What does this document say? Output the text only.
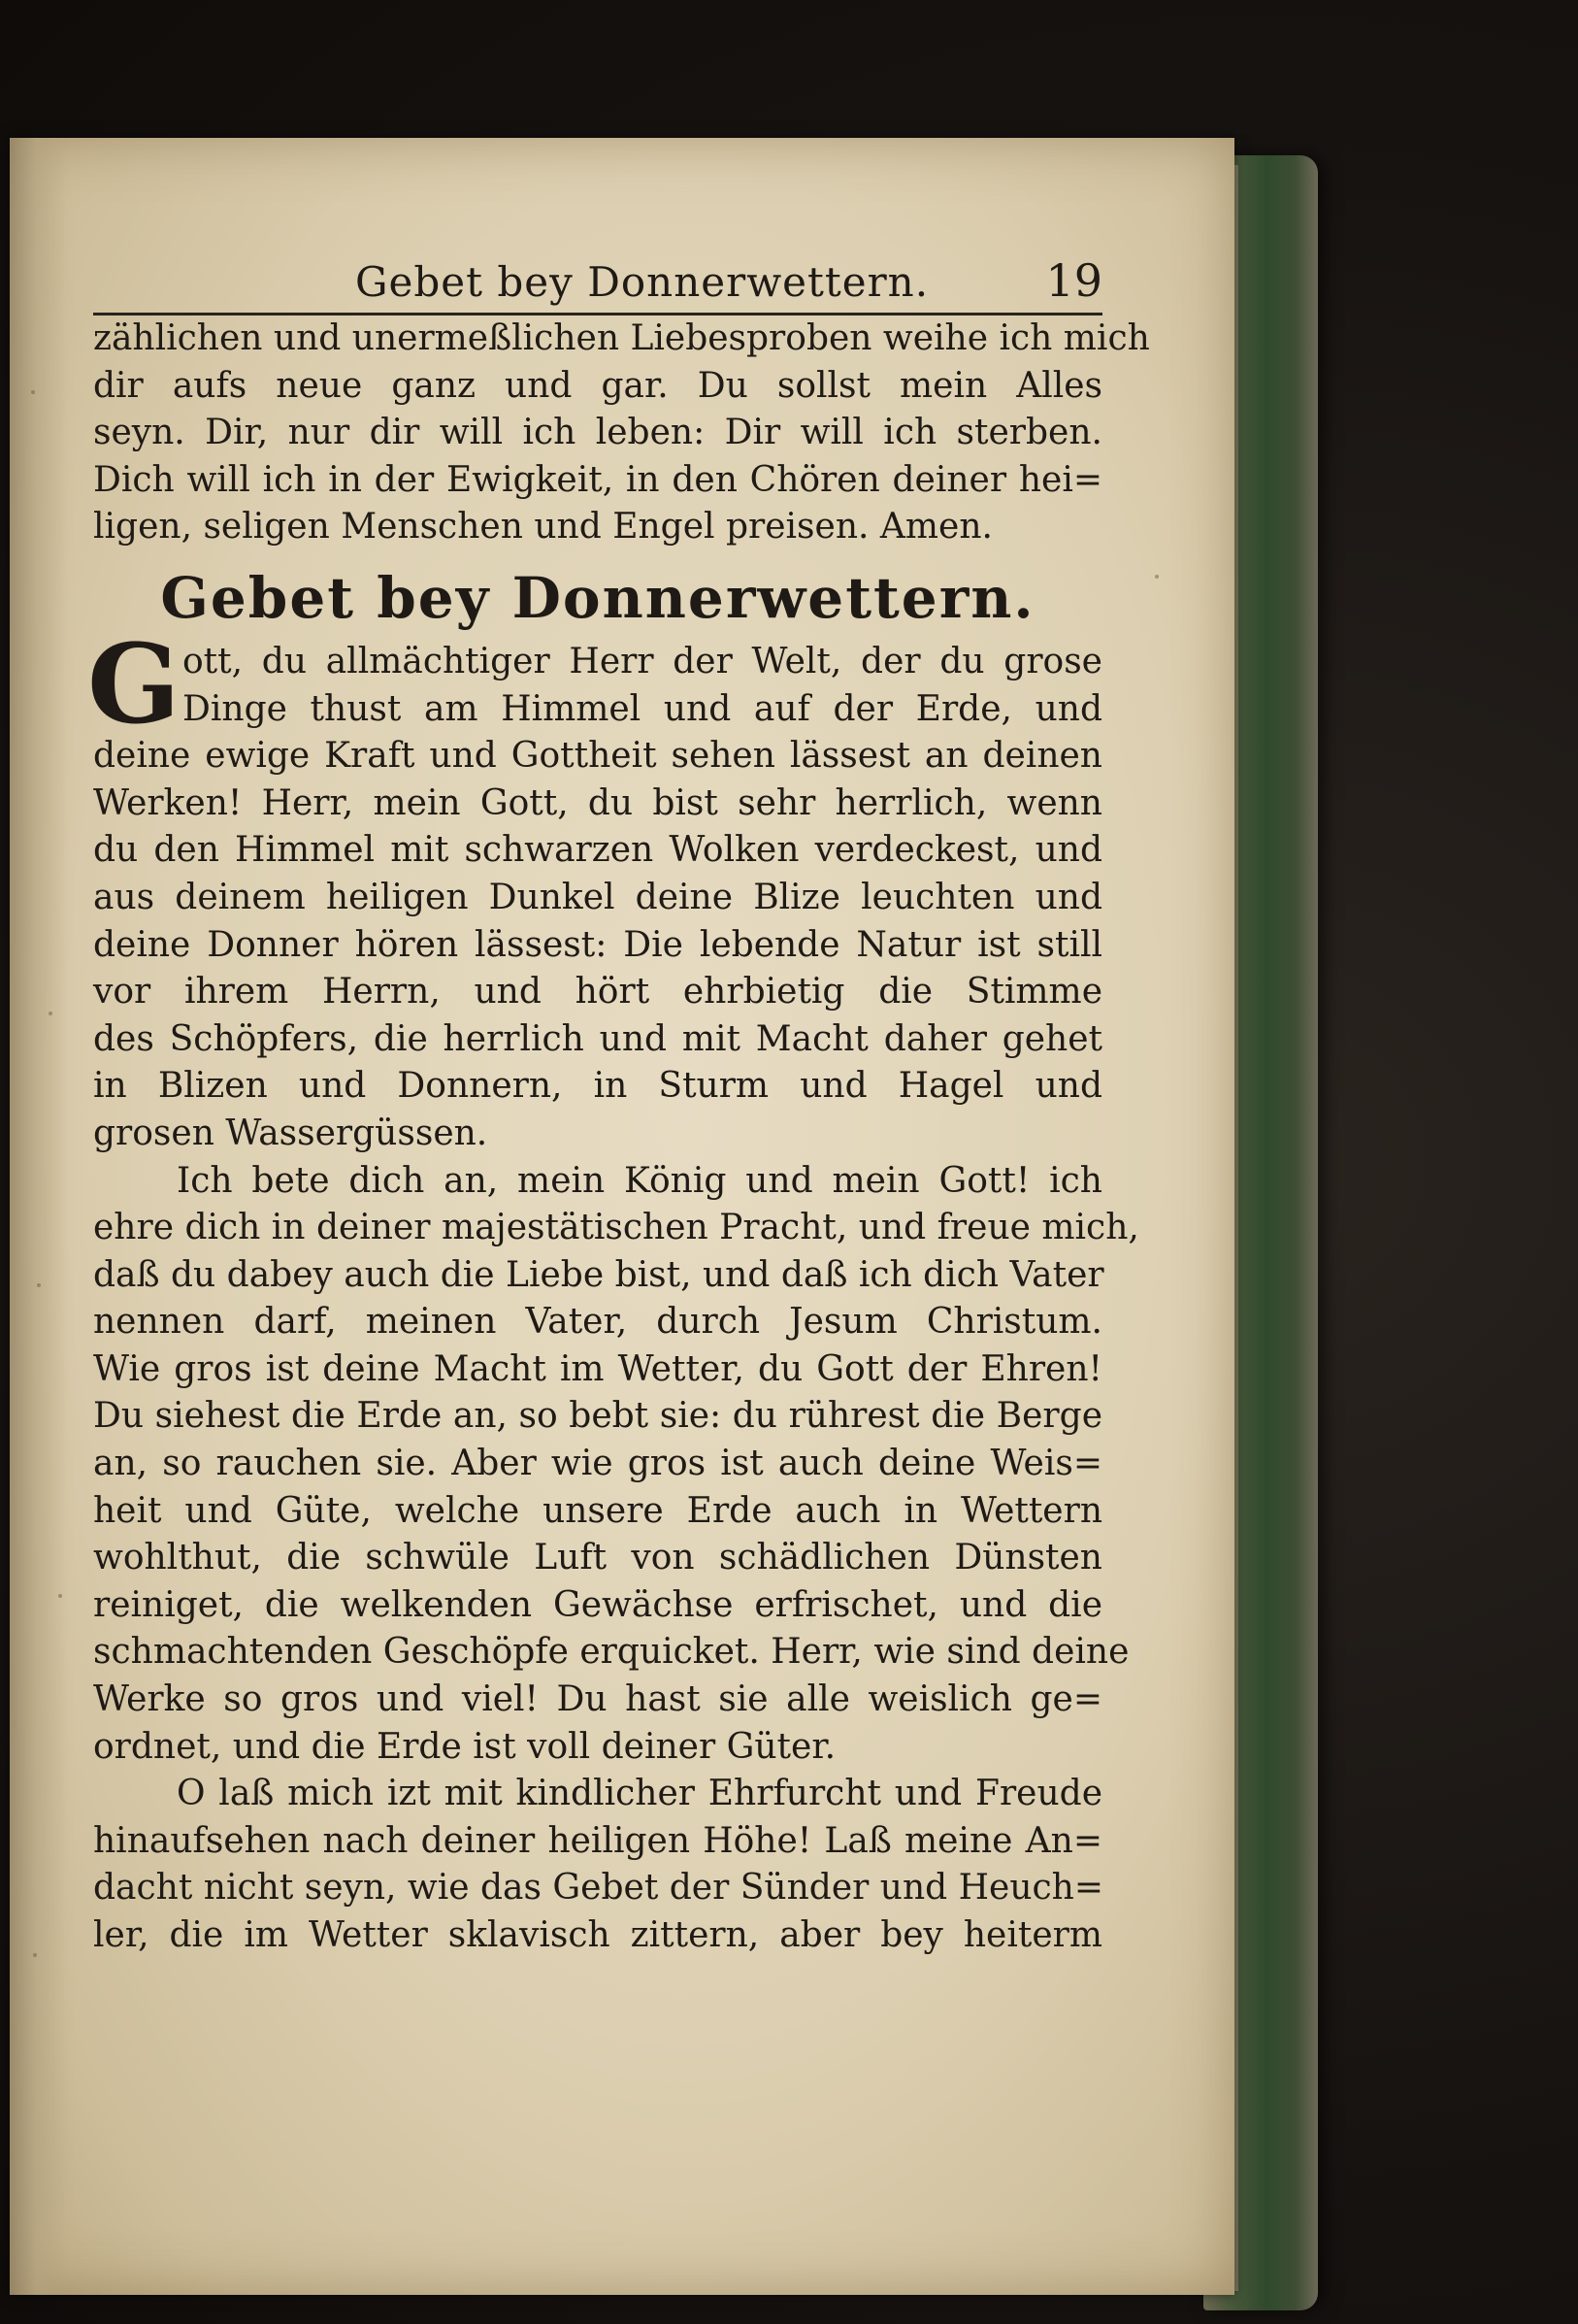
Gebet bey Donnerwettern.	19
zählichen und unermeßlichen Liebesproben weihe ich mich
dir aufs neue ganz und gar. Du sollst mein Alles
seyn. Dir, nur dir will ich leben: Dir will ich sterben.
Dich will ich in der Ewigkeit, in den Chören deiner hei=
ligen, seligen Menschen und Engel preisen. Amen.
Gebet bey Donnerwettern.
G ott, du allmächtiger Herr der Welt, der du grose
Dinge thust am Himmel und auf der Erde, und
deine ewige Kraft und Gottheit sehen lässest an deinen
Werken! Herr, mein Gott, du bist sehr herrlich, wenn
du den Himmel mit schwarzen Wolken verdeckest, und
aus deinem heiligen Dunkel deine Blize leuchten und
deine Donner hören lässest: Die lebende Natur ist still
vor ihrem Herrn, und hört ehrbietig die Stimme
des Schöpfers, die herrlich und mit Macht daher gehet
in Blizen und Donnern, in Sturm und Hagel und
grosen Wassergüssen.
Ich bete dich an, mein König und mein Gott! ich
ehre dich in deiner majestätischen Pracht, und freue mich,
daß du dabey auch die Liebe bist, und daß ich dich Vater
nennen darf, meinen Vater, durch Jesum Christum.
Wie gros ist deine Macht im Wetter, du Gott der Ehren!
Du siehest die Erde an, so bebt sie: du rührest die Berge
an, so rauchen sie. Aber wie gros ist auch deine Weis=
heit und Güte, welche unsere Erde auch in Wettern
wohlthut, die schwüle Luft von schädlichen Dünsten
reiniget, die welkenden Gewächse erfrischet, und die
schmachtenden Geschöpfe erquicket. Herr, wie sind deine
Werke so gros und viel! Du hast sie alle weislich ge=
ordnet, und die Erde ist voll deiner Güter.
O laß mich izt mit kindlicher Ehrfurcht und Freude
hinaufsehen nach deiner heiligen Höhe! Laß meine An=
dacht nicht seyn, wie das Gebet der Sünder und Heuch=
ler, die im Wetter sklavisch zittern, aber bey heiterm
